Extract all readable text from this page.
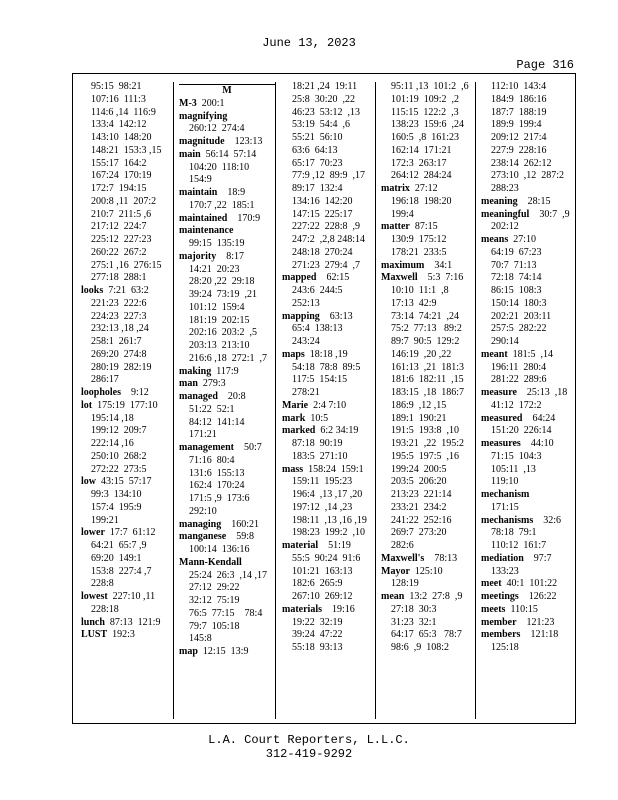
June 13, 2023
Page 316
95:15  98:21
107:16  111:3
114:6 ,14  116:9
133:4  142:12
143:10  148:20
148:21  153:3 ,15
155:17  164:2
167:24  170:19
172:7  194:15
200:8 ,11  207:2
210:7  211:5 ,6
217:12  224:7
225:12  227:23
260:22  267:2
275:1 ,16  276:15
277:18  288:1
looks  7:21  63:2
221:23  222:6
224:23  227:3
232:13 ,18 ,24
258:1  261:7
269:20  274:8
280:19  282:19
286:17
loopholes    9:12
lot  175:19  177:10
195:14 ,18
199:12  209:7
222:14 ,16
250:10  268:2
272:22  273:5
low  43:15  57:17
99:3  134:10
157:4  195:9
199:21
lower  17:7  61:12
64:21  65:7 ,9
69:20  149:1
153:8  227:4 ,7
228:8
lowest  227:10 ,11
228:18
lunch  87:13  121:9
LUST  192:3
M
M-3  200:1
magnifying
260:12  274:4
magnitude    123:13
main  56:14  57:14
104:20  118:10
154:9
maintain    18:9
170:7 ,22  185:1
maintained    170:9
maintenance
99:15  135:19
majority    8:17
14:21  20:23
28:20 ,22  29:18
39:24  73:19  ,21
101:12  159:4
181:19  202:15
202:16  203:2  ,5
203:13  213:10
216:6 ,18  272:1  ,7
making  117:9
man  279:3
managed    20:8
51:22  52:1
84:12  141:14
171:21
management    50:7
71:16  80:4
131:6  155:13
162:4  170:24
171:5 ,9  173:6
292:10
managing    160:21
manganese    59:8
100:14  136:16
Mann-Kendall
25:24  26:3  ,14 ,17
27:12  29:22
32:12  75:19
76:5  77:15    78:4
79:7  105:18
145:8
map  12:15  13:9
18:21 ,24  19:11
25:8  30:20  ,22
46:23  53:12  ,13
53:19  54:4  ,6
55:21  56:10
63:6  64:13
65:17  70:23
77:9 ,12  89:9  ,17
89:17  132:4
134:16  142:20
147:15  225:17
227:22  228:8  ,9
247:2  ,2,8 248:14
248:18  270:24
271:23  279:4  ,7
mapped    62:15
243:6  244:5
252:13
mapping    63:13
65:4  138:13
243:24
maps  18:18 ,19
54:18  78:8  89:5
117:5  154:15
278:21
Marie  2:4 7:10
mark  10:5
marked  6:2 34:19
87:18  90:19
183:5  271:10
mass  158:24  159:1
159:11  195:23
196:4  ,13 ,17 ,20
197:12  ,14 ,23
198:11  ,13 ,16 ,19
198:23  199:2  ,10
material    51:19
55:5  90:24  91:6
101:21  163:13
182:6  265:9
267:10  269:12
materials    19:16
19:22  32:19
39:24  47:22
55:18  93:13
95:11 ,13  101:2  ,6
101:19  109:2  ,2
115:15  122:2  ,3
138:23  159:6  ,24
160:5  ,8  161:23
162:14  171:21
172:3  263:17
264:12  284:24
matrix  27:12
196:18  198:20
199:4
matter  87:15
130:9  175:12
178:21  233:5
maximum    34:1
Maxwell    5:3  7:16
10:10  11:1  ,8
17:13  42:9
73:14  74:21  ,24
75:2  77:13   89:2
89:7  90:5  129:2
146:19  ,20 ,22
161:13  ,21  181:3
181:6  182:11  ,15
183:15  ,18  186:7
186:9  ,12 ,15
189:1  190:21
191:5  193:8  ,10
193:21  ,22  195:2
195:5  197:5  ,16
199:24  200:5
203:5  206:20
213:23  221:14
233:21  234:2
241:22  252:16
269:7  273:20
282:6
Maxwell's    78:13
Mayor  125:10
128:19
mean  13:2  27:8  ,9
27:18  30:3
31:23  32:1
64:17  65:3   78:7
98:6  ,9  108:2
112:10  143:4
184:9  186:16
187:7  188:19
189:9  199:4
209:12  217:4
227:9  228:16
238:14  262:12
273:10  ,12  287:2
288:23
meaning    28:15
meaningful    30:7  ,9
202:12
means  27:10
64:19  67:23
70:7  71:13
72:18  74:14
86:15  108:3
150:14  180:3
202:21  203:11
257:5  282:22
290:14
meant  181:5  ,14
196:11  280:4
281:22  289:6
measure    25:13  ,18
41:12  172:2
measured    64:24
151:20  226:14
measures    44:10
71:15  104:3
105:11  ,13
119:10
mechanism
171:15
mechanisms    32:6
78:18  79:1
110:12  161:7
mediation    97:7
133:23
meet  40:1  101:22
meetings    126:22
meets  110:15
member    121:23
members    121:18
125:18
L.A. Court Reporters, L.L.C.
312-419-9292
